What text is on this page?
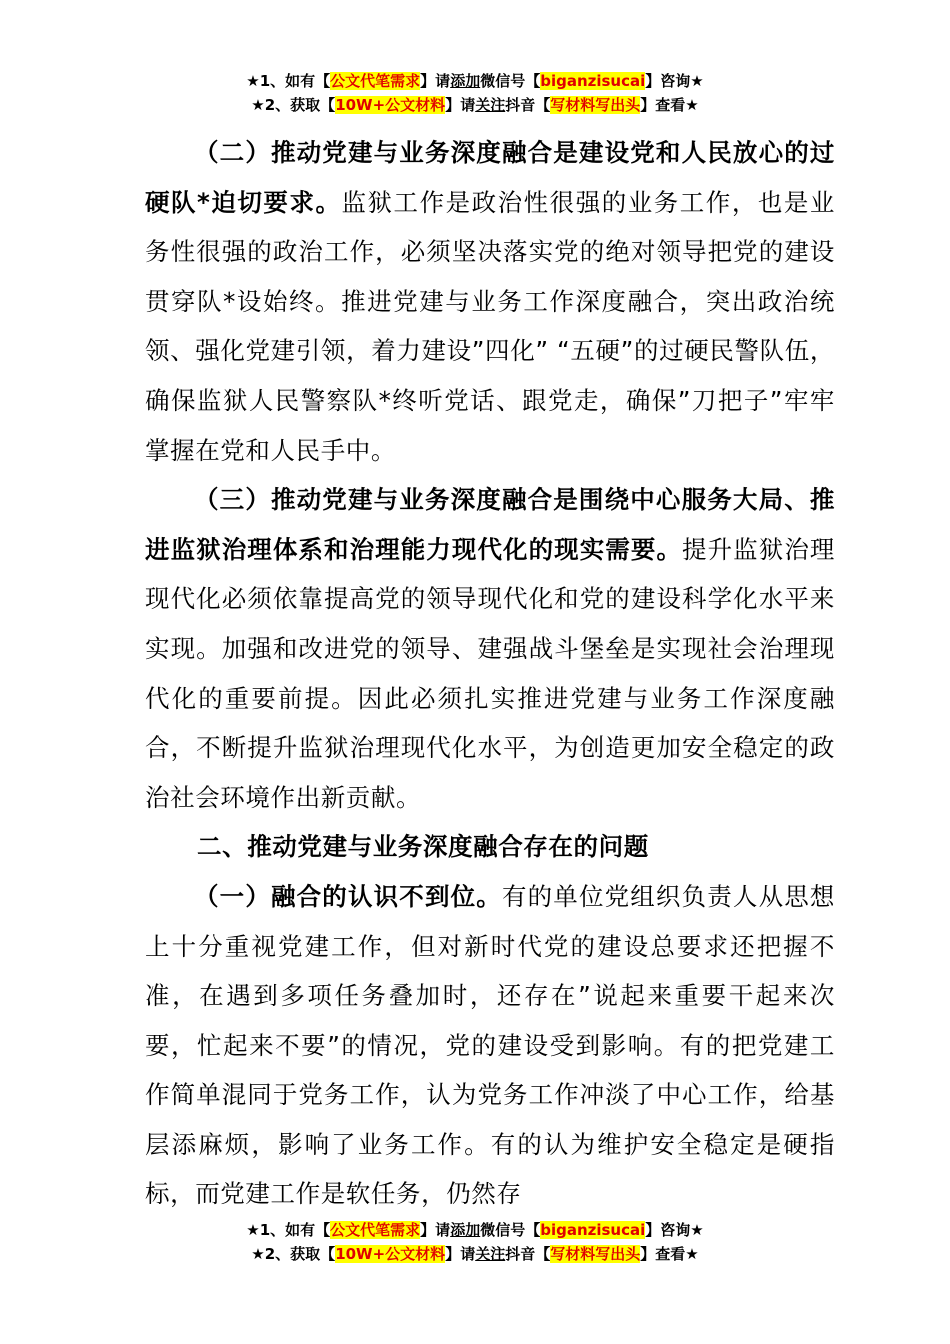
★1、如有【公文代笔需求】请添加微信号【biganzisucai】咨询★
★2、获取【10W+公文材料】请关注抖音【写材料写出头】查看★

（二）推动党建与业务深度融合是建设党和人民放心的过硬队*迫切要求。监狱工作是政治性很强的业务工作，也是业务性很强的政治工作，必须坚决落实党的绝对领导把党的建设贯穿队*设始终。推进党建与业务工作深度融合，突出政治统领、强化党建引领，着力建设”四化” “五硬”的过硬民警队伍，确保监狱人民警察队*终听党话、跟党走，确保”刀把子”牢牢掌握在党和人民手中。

（三）推动党建与业务深度融合是围绕中心服务大局、推进监狱治理体系和治理能力现代化的现实需要。提升监狱治理现代化必须依靠提高党的领导现代化和党的建设科学化水平来实现。加强和改进党的领导、建强战斗堡垒是实现社会治理现代化的重要前提。因此必须扎实推进党建与业务工作深度融合，不断提升监狱治理现代化水平，为创造更加安全稳定的政治社会环境作出新贡献。

二、推动党建与业务深度融合存在的问题

（一）融合的认识不到位。有的单位党组织负责人从思想上十分重视党建工作，但对新时代党的建设总要求还把握不准，在遇到多项任务叠加时，还存在”说起来重要干起来次要，忙起来不要”的情况，党的建设受到影响。有的把党建工作简单混同于党务工作，认为党务工作冲淡了中心工作，给基层添麻烦，影响了业务工作。有的认为维护安全稳定是硬指标，而党建工作是软任务，仍然存

★1、如有【公文代笔需求】请添加微信号【biganzisucai】咨询★
★2、获取【10W+公文材料】请关注抖音【写材料写出头】查看★
